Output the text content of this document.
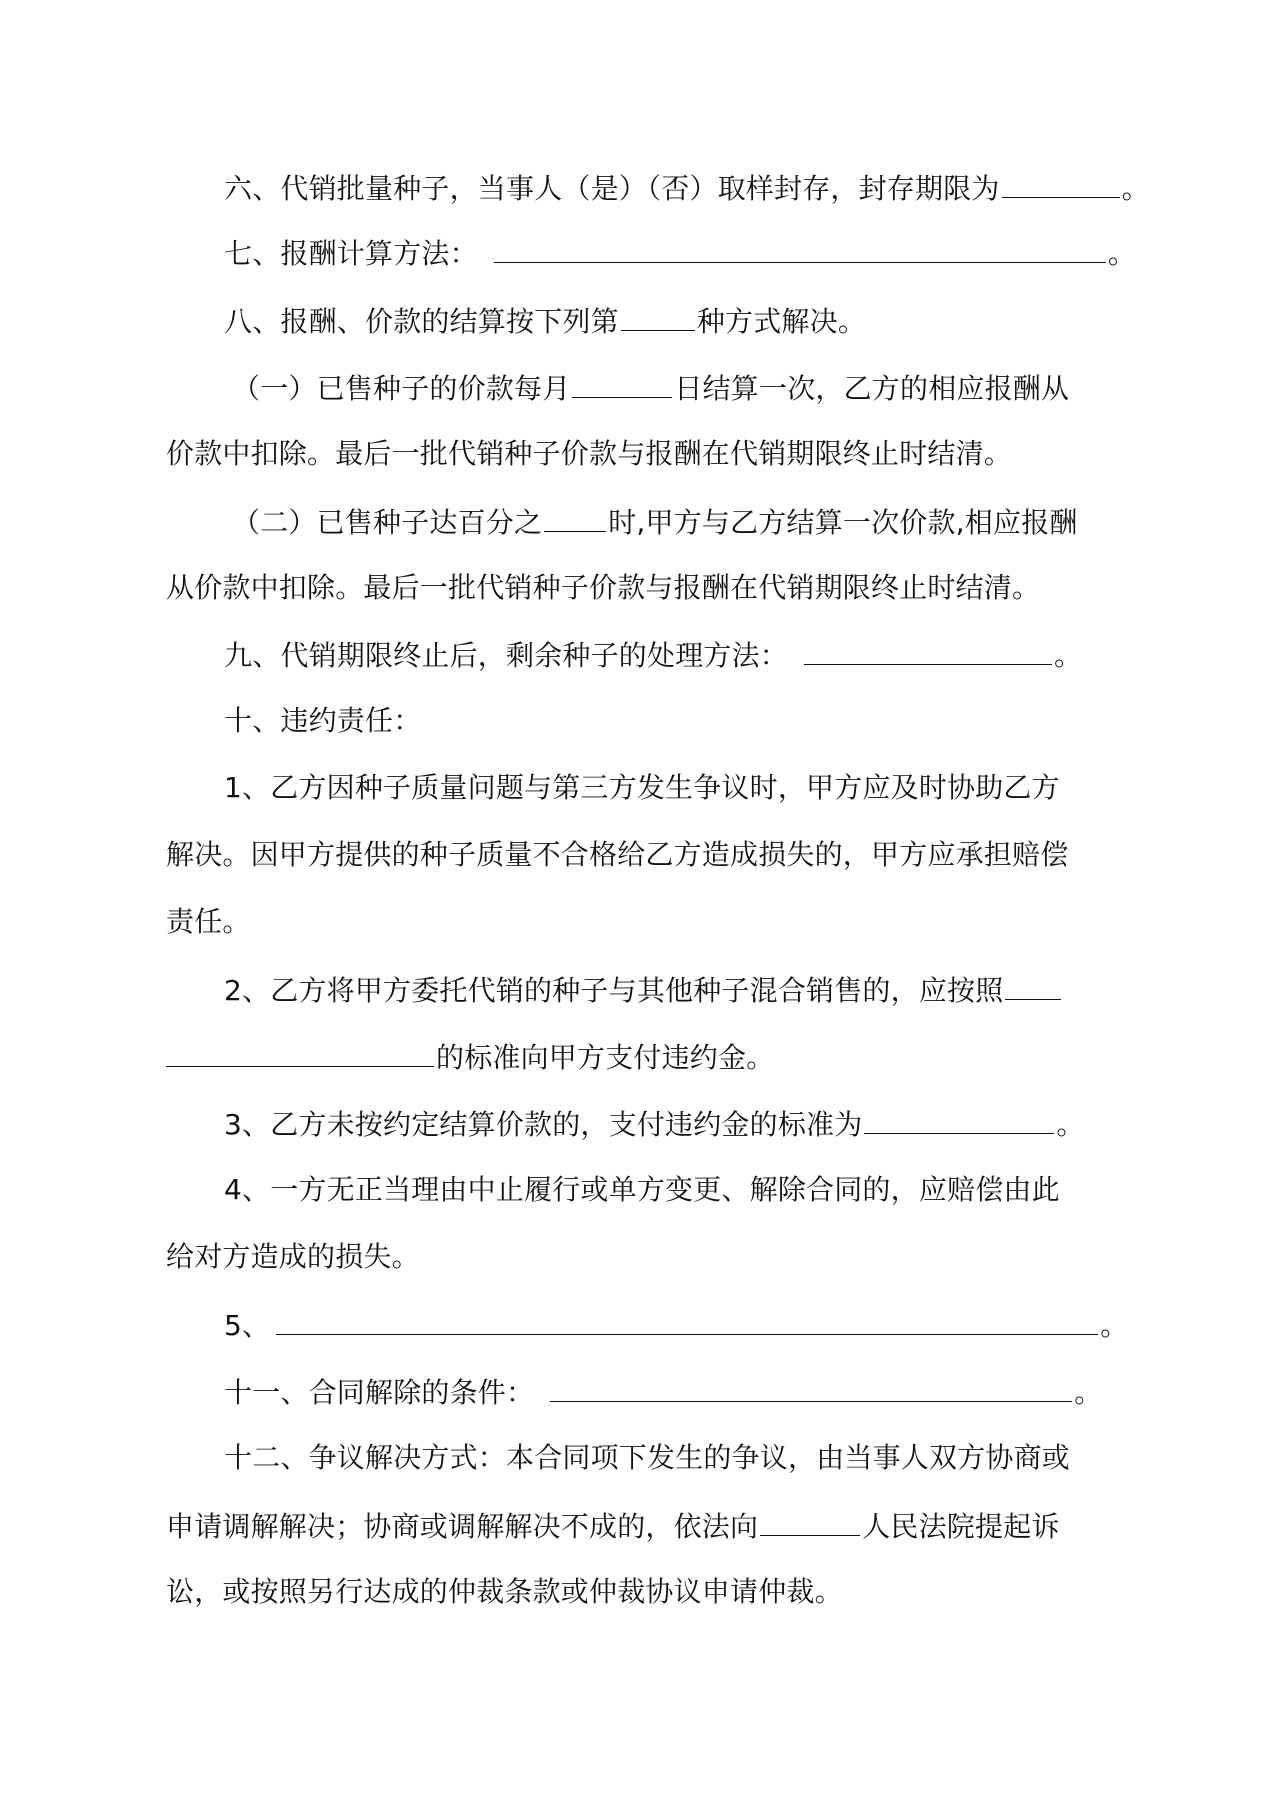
六、代销批量种子，当事人（是）（否）取样封存，封存期限为	。
七、报酬计算方法：	。
八、报酬、价款的结算按下列第	种方式解决。
（一）已售种子的价款每月	日结算一次，乙方的相应报酬从
价款中扣除。最后一批代销种子价款与报酬在代销期限终止时结清。
（二）已售种子达百分之 时,甲方与乙方结算一次价款,相应报酬
从价款中扣除。最后一批代销种子价款与报酬在代销期限终止时结清。
九、代销期限终止后，剩余种子的处理方法：	。
十、违约责任：
1、乙方因种子质量问题与第三方发生争议时，甲方应及时协助乙方
解决。因甲方提供的种子质量不合格给乙方造成损失的，甲方应承担赔偿
责任。
2、乙方将甲方委托代销的种子与其他种子混合销售的，应按照
的标准向甲方支付违约金。
3、乙方未按约定结算价款的，支付违约金的标准为	。
4、一方无正当理由中止履行或单方变更、解除合同的，应赔偿由此
给对方造成的损失。
5、	。
十一、合同解除的条件：	。
十二、争议解决方式：本合同项下发生的争议，由当事人双方协商或
申请调解解决；协商或调解解决不成的，依法向	人民法院提起诉
讼，或按照另行达成的仲裁条款或仲裁协议申请仲裁。
